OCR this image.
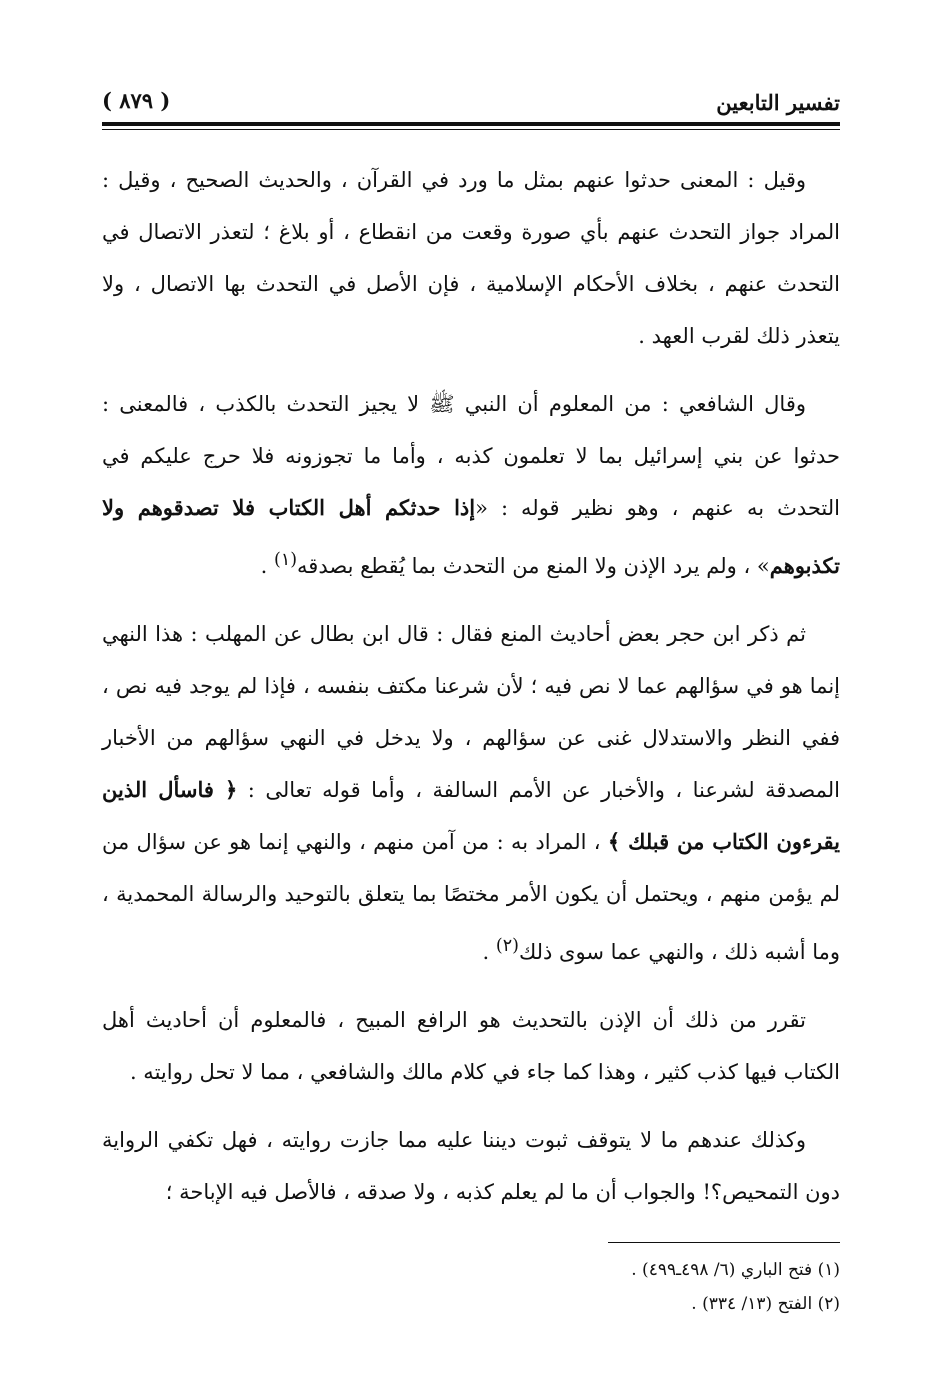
تفسير التابعين
( ٨٧٩ )

وقيل : المعنى حدثوا عنهم بمثل ما ورد في القرآن ، والحديث الصحيح ، وقيل : المراد جواز التحدث عنهم بأي صورة وقعت من انقطاع ، أو بلاغ ؛ لتعذر الاتصال في التحدث عنهم ، بخلاف الأحكام الإسلامية ، فإن الأصل في التحدث بها الاتصال ، ولا يتعذر ذلك لقرب العهد .

وقال الشافعي : من المعلوم أن النبي ﷺ لا يجيز التحدث بالكذب ، فالمعنى : حدثوا عن بني إسرائيل بما لا تعلمون كذبه ، وأما ما تجوزونه فلا حرج عليكم في التحدث به عنهم ، وهو نظير قوله : «إذا حدثكم أهل الكتاب فلا تصدقوهم ولا تكذبوهم» ، ولم يرد الإذن ولا المنع من التحدث بما يُقطع بصدقه$^{(١)}$ .

ثم ذكر ابن حجر بعض أحاديث المنع فقال : قال ابن بطال عن المهلب : هذا النهي إنما هو في سؤالهم عما لا نص فيه ؛ لأن شرعنا مكتف بنفسه ، فإذا لم يوجد فيه نص ، ففي النظر والاستدلال غنى عن سؤالهم ، ولا يدخل في النهي سؤالهم من الأخبار المصدقة لشرعنا ، والأخبار عن الأمم السالفة ، وأما قوله تعالى : ﴿ فاسأل الذين يقرءون الكتاب من قبلك ﴾ ، المراد به : من آمن منهم ، والنهي إنما هو عن سؤال من لم يؤمن منهم ، ويحتمل أن يكون الأمر مختصًا بما يتعلق بالتوحيد والرسالة المحمدية ، وما أشبه ذلك ، والنهي عما سوى ذلك$^{(٢)}$ .

تقرر من ذلك أن الإذن بالتحديث هو الرافع المبيح ، فالمعلوم أن أحاديث أهل الكتاب فيها كذب كثير ، وهذا كما جاء في كلام مالك والشافعي ، مما لا تحل روايته .

وكذلك عندهم ما لا يتوقف ثبوت ديننا عليه مما جازت روايته ، فهل تكفي الرواية دون التمحيص؟! والجواب أن ما لم يعلم كذبه ، ولا صدقه ، فالأصل فيه الإباحة ؛

(١) فتح الباري (٦/ ٤٩٨ـ٤٩٩) .

(٢) الفتح (١٣/ ٣٣٤) .
